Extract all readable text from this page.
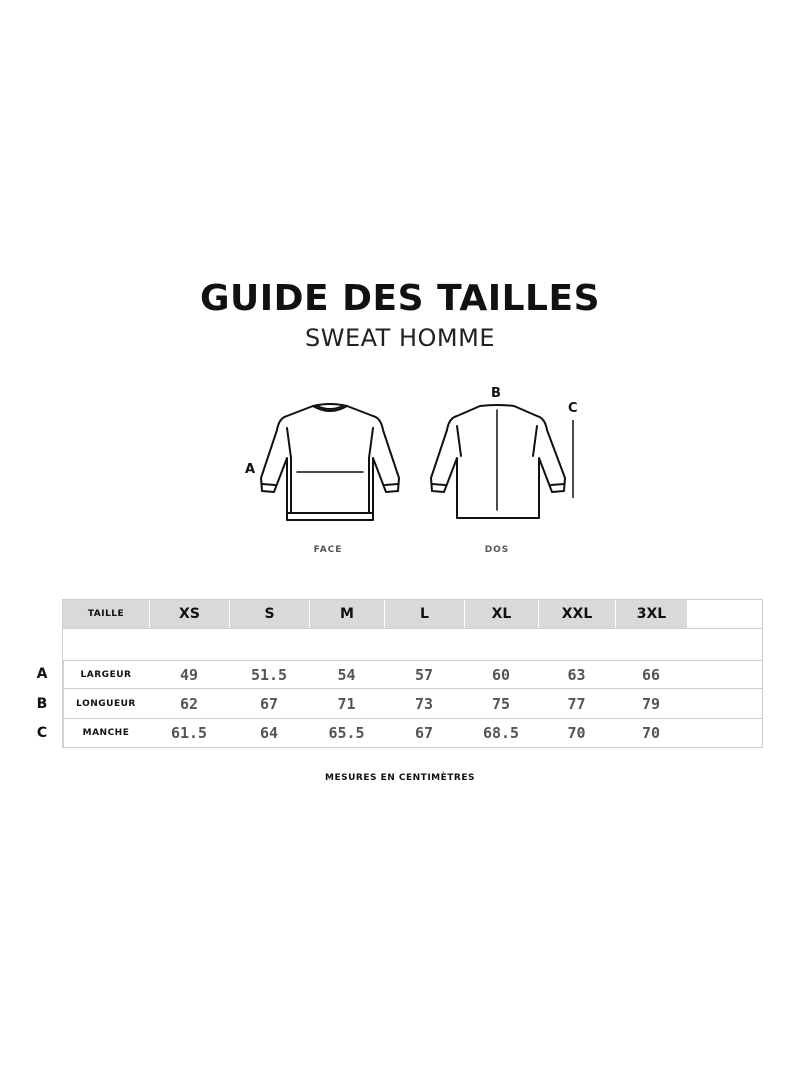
GUIDE DES TAILLES
SWEAT HOMME
A
FACE
B
C
DOS
A
B
C
TAILLE	XS	S	M	L	XL	XXL	3XL
LARGEUR	49	51.5	54	57	60	63	66
LONGUEUR	62	67	71	73	75	77	79
MANCHE	61.5	64	65.5	67	68.5	70	70
MESURES EN CENTIMÈTRES
